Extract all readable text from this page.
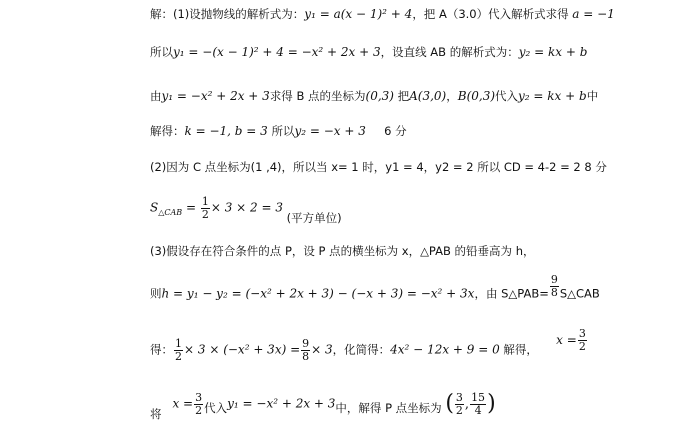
解：(1)设抛物线的解析式为：y₁ = a(x − 1)² + 4，把 A（3.0）代入解析式求得 a = −1
所以y₁ = −(x − 1)² + 4 = −x² + 2x + 3，设直线 AB 的解析式为：y₂ = kx + b
由y₁ = −x² + 2x + 3求得 B 点的坐标为(0,3) 把A(3,0)，B(0,3)代入y₂ = kx + b中
解得：k = −1, b = 3 所以y₂ = −x + 3 6 分
(2)因为 C 点坐标为(1 ,4)，所以当 x= 1 时，y1 = 4，y2 = 2 所以 CD = 4-2 = 2 8 分
$S_{\triangle CAB} = \frac{1}{2} \times 3 \times 2 = 3$ (平方单位)
(3)假设存在符合条件的点 P，设 P 点的横坐标为 x，△PAB 的铅垂高为 h，
则h = y₁ − y₂ = (−x² + 2x + 3) − (−x + 3) = −x² + 3x，由 S△PAB= $\frac{9}{8}$ S△CAB
得： $\frac{1}{2} \times 3 \times (-x^2 + 3x) = \frac{9}{8} \times 3$，化简得：4x² − 12x + 9 = 0 解得，     $x = \frac{3}{2}$
将   $x = \frac{3}{2}$ 代入y₁ = −x² + 2x + 3中，解得 P 点坐标为 ( $\frac{3}{2}$ , $\frac{15}{4}$ )
